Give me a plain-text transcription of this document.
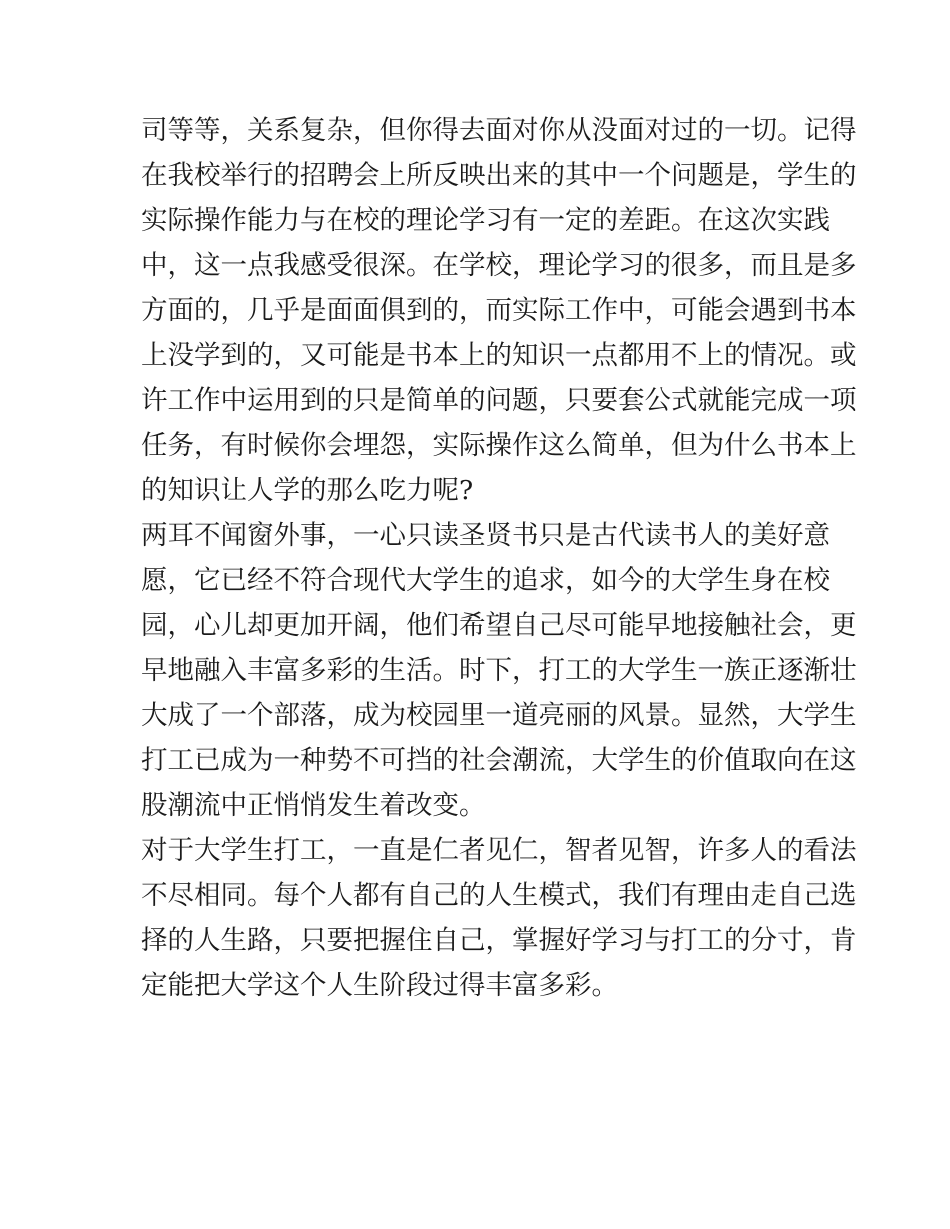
司等等，关系复杂，但你得去面对你从没面对过的一切。记得
在我校举行的招聘会上所反映出来的其中一个问题是，学生的
实际操作能力与在校的理论学习有一定的差距。在这次实践
中，这一点我感受很深。在学校，理论学习的很多，而且是多
方面的，几乎是面面俱到的，而实际工作中，可能会遇到书本
上没学到的，又可能是书本上的知识一点都用不上的情况。或
许工作中运用到的只是简单的问题，只要套公式就能完成一项
任务，有时候你会埋怨，实际操作这么简单，但为什么书本上
的知识让人学的那么吃力呢?
两耳不闻窗外事，一心只读圣贤书只是古代读书人的美好意
愿，它已经不符合现代大学生的追求，如今的大学生身在校
园，心儿却更加开阔，他们希望自己尽可能早地接触社会，更
早地融入丰富多彩的生活。时下，打工的大学生一族正逐渐壮
大成了一个部落，成为校园里一道亮丽的风景。显然，大学生
打工已成为一种势不可挡的社会潮流，大学生的价值取向在这
股潮流中正悄悄发生着改变。
对于大学生打工，一直是仁者见仁，智者见智，许多人的看法
不尽相同。每个人都有自己的人生模式，我们有理由走自己选
择的人生路，只要把握住自己，掌握好学习与打工的分寸，肯
定能把大学这个人生阶段过得丰富多彩。
